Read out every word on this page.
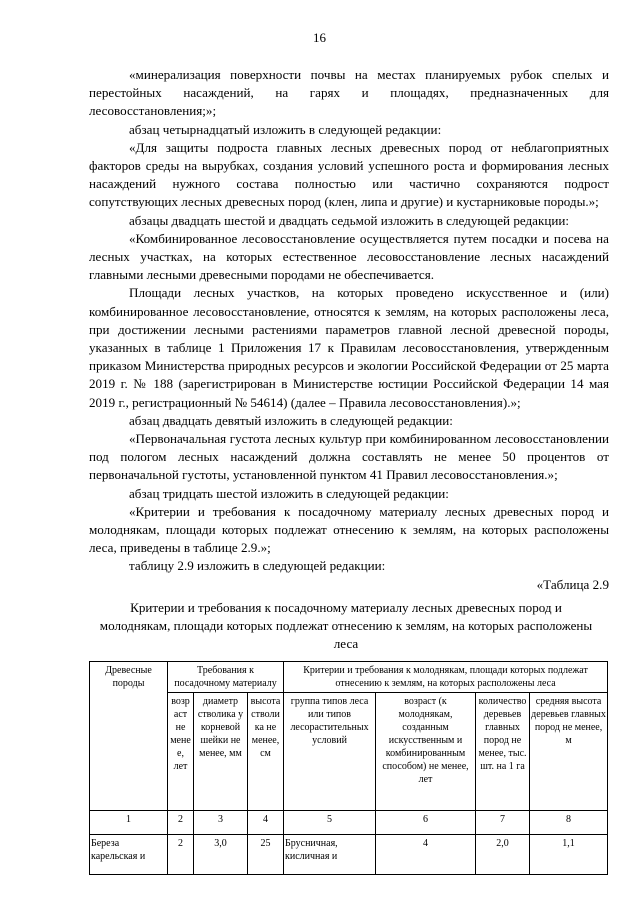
16

«минерализация поверхности почвы на местах планируемых рубок спелых и перестойных насаждений, на гарях и площадях, предназначенных для лесовосстановления;»;

абзац четырнадцатый изложить в следующей редакции:

«Для защиты подроста главных лесных древесных пород от неблагоприятных факторов среды на вырубках, создания условий успешного роста и формирования лесных насаждений нужного состава полностью или частично сохраняются подрост сопутствующих лесных древесных пород (клен, липа и другие) и кустарниковые породы.»;

абзацы двадцать шестой и двадцать седьмой изложить в следующей редакции:

«Комбинированное лесовосстановление осуществляется путем посадки и посева на лесных участках, на которых естественное лесовосстановление лесных насаждений главными лесными древесными породами не обеспечивается.

Площади лесных участков, на которых проведено искусственное и (или) комбинированное лесовосстановление, относятся к землям, на которых расположены леса, при достижении лесными растениями параметров главной лесной древесной породы, указанных в таблице 1 Приложения 17 к Правилам лесовосстановления, утвержденным приказом Министерства природных ресурсов и экологии Российской Федерации от 25 марта 2019 г. № 188 (зарегистрирован в Министерстве юстиции Российской Федерации 14 мая 2019 г., регистрационный № 54614) (далее – Правила лесовосстановления).»;

абзац двадцать девятый изложить в следующей редакции:

«Первоначальная густота лесных культур при комбинированном лесовосстановлении под пологом лесных насаждений должна составлять не менее 50 процентов от первоначальной густоты, установленной пунктом 41 Правил лесовосстановления.»;

абзац тридцать шестой изложить в следующей редакции:

«Критерии и требования к посадочному материалу лесных древесных пород и молоднякам, площади которых подлежат отнесению к землям, на которых расположены леса, приведены в таблице 2.9.»;

таблицу 2.9 изложить в следующей редакции:

«Таблица 2.9

Критерии и требования к посадочному материалу лесных древесных пород и молоднякам, площади которых подлежат отнесению к землям, на которых расположены леса
Древесные породы	Требования к посадочному материалу			Критерии и требования к молоднякам, площади которых подлежат отнесению к землям, на которых расположены леса			
	возраст не менее, лет	диаметр стволика у корневой шейки не менее, мм	высота стволика не менее, см	группа типов леса или типов лесорастительных условий	возраст (к молоднякам, созданным искусственным и комбинированным способом) не менее, лет	количество деревьев главных пород не менее, тыс. шт. на 1 га	средняя высота деревьев главных пород не менее, м
1	2	3	4	5	6	7	8
Береза карельская и	2	3,0	25	Брусничная, кисличная и	4	2,0	1,1
